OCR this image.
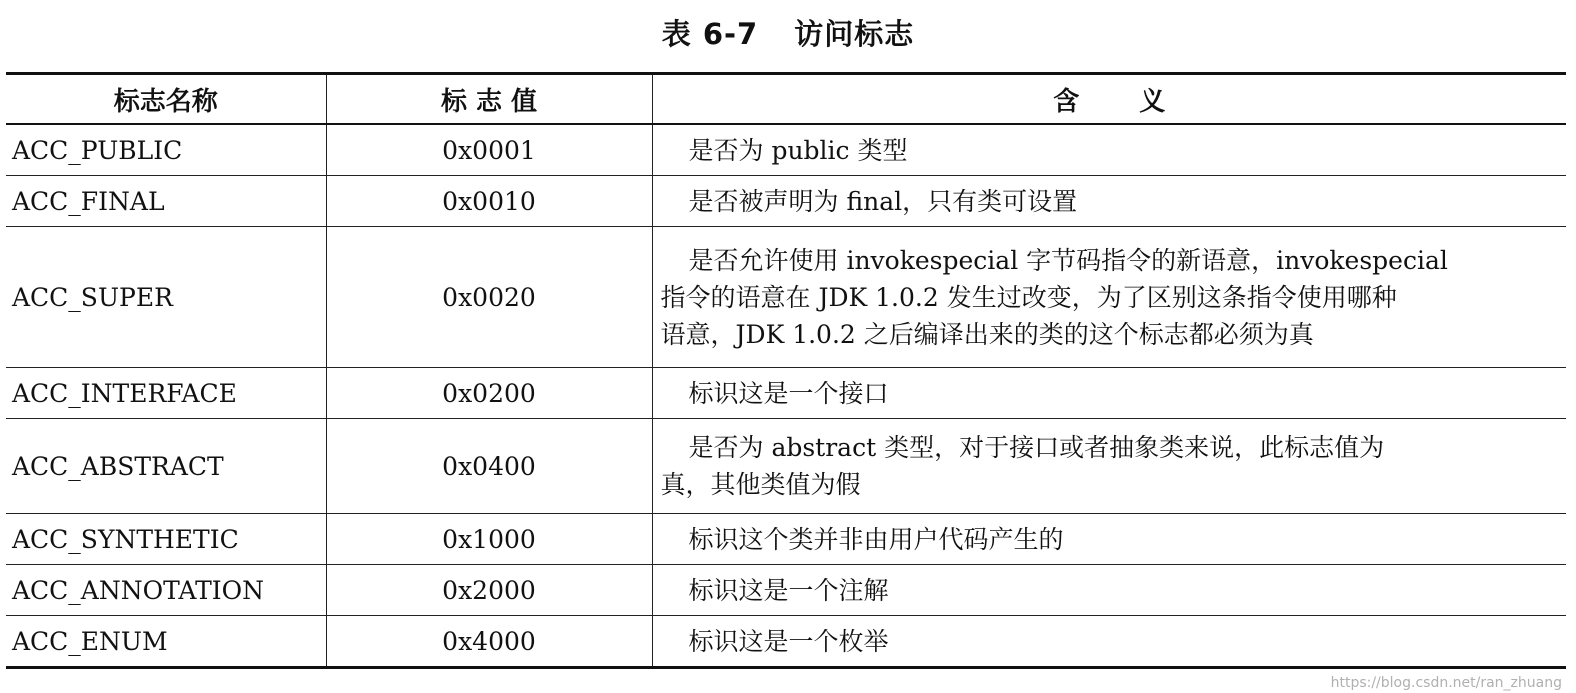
表 6-7 访问标志
标志名称	标 志 值	含义
ACC_PUBLIC	0x0001	是否为 public 类型

ACC_FINAL	0x0010	是否被声明为 final，只有类可设置

ACC_SUPER	0x0020	是否允许使用 invokespecial 字节码指令的新语意，invokespecial
指令的语意在 JDK 1.0.2 发生过改变，为了区别这条指令使用哪种
语意，JDK 1.0.2 之后编译出来的类的这个标志都必须为真

ACC_INTERFACE	0x0200	标识这是一个接口

ACC_ABSTRACT	0x0400	是否为 abstract 类型，对于接口或者抽象类来说，此标志值为
真，其他类值为假

ACC_SYNTHETIC	0x1000	标识这个类并非由用户代码产生的

ACC_ANNOTATION	0x2000	标识这是一个注解

ACC_ENUM	0x4000	标识这是一个枚举
https://blog.csdn.net/ran_zhuang
